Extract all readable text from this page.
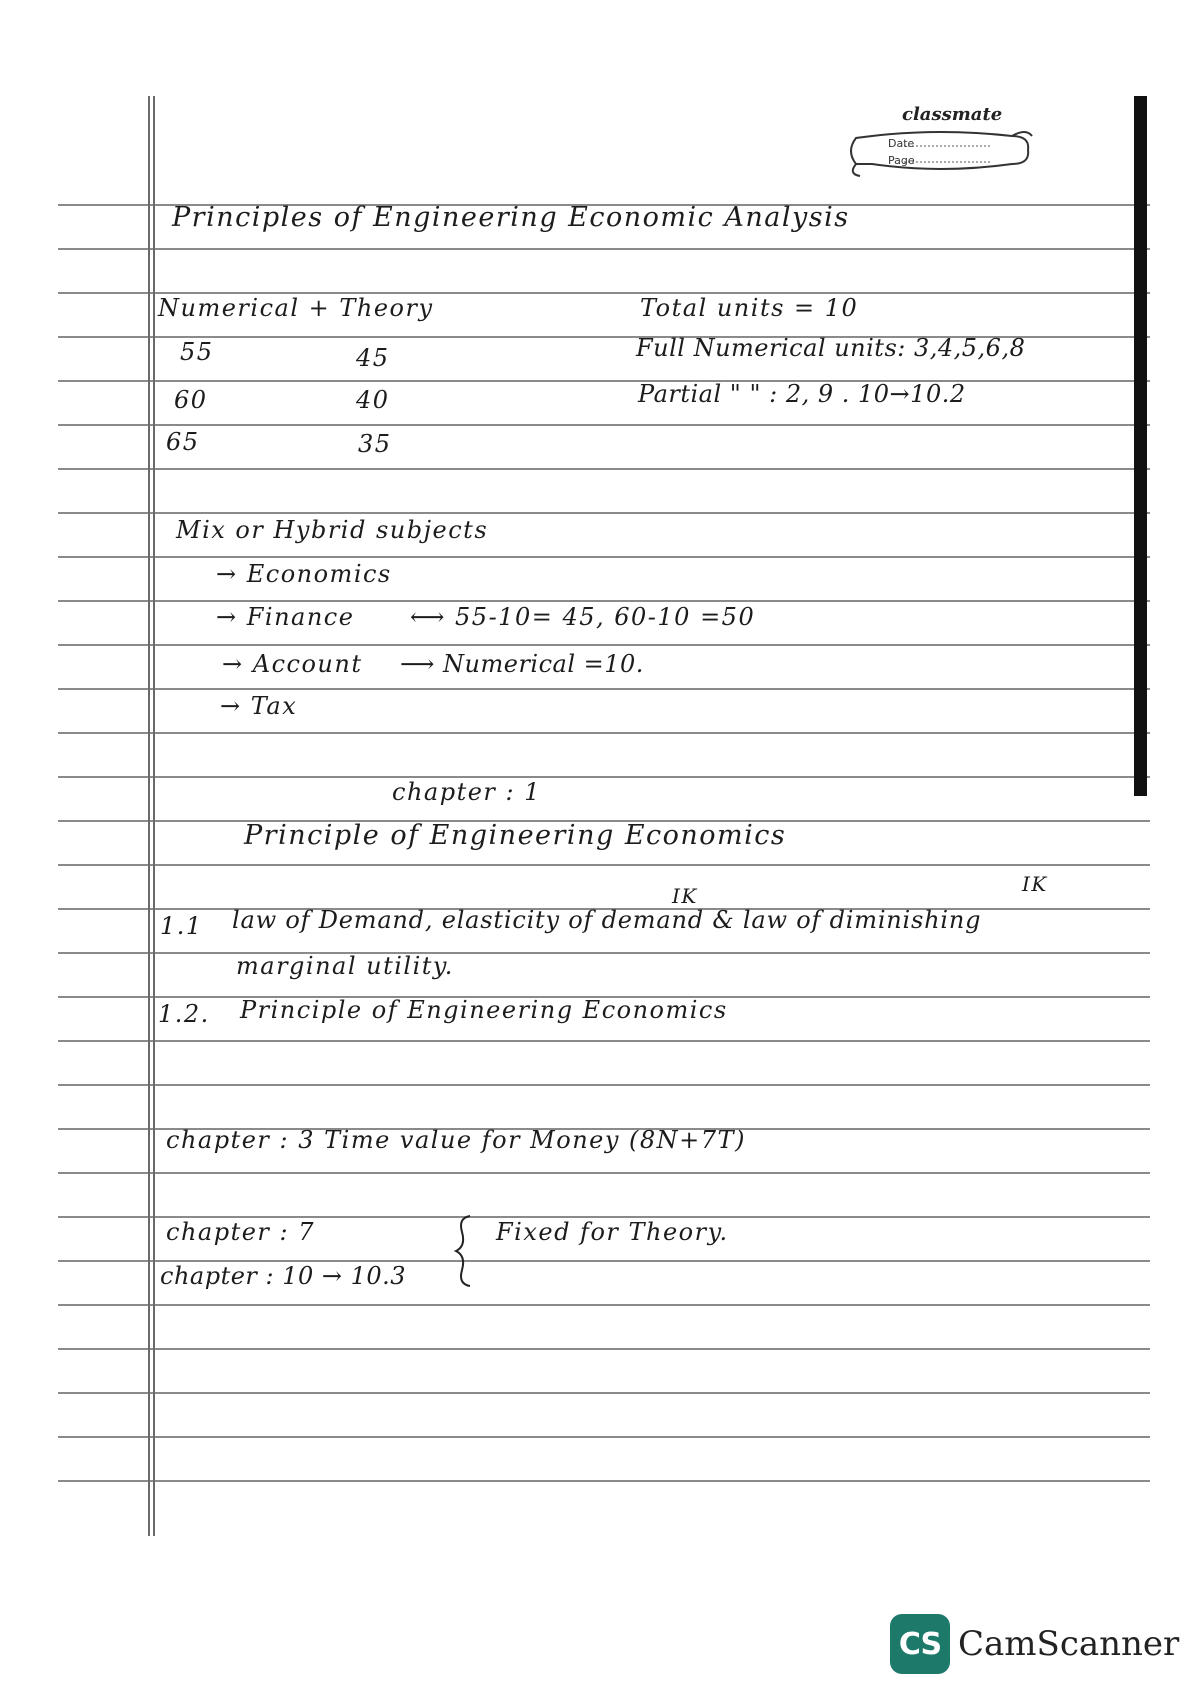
classmate
Date
Page
Principles of Engineering Economic Analysis
Numerical + Theory	Total units = 10
55	45
60	40
65	35
Full Numerical units: 3,4,5,6,8
Partial " " : 2, 9 . 10→10.2
Mix or Hybrid subjects
→ Economics
→ Finance ⟷ 55-10= 45, 60-10 =50
→ Account ⟶ Numerical =10.
→ Tax
chapter : 1
Principle of Engineering Economics
IK	IK
1.1 law of Demand, elasticity of demand & law of diminishing
marginal utility.
1.2. Principle of Engineering Economics
chapter : 3 Time value for Money (8N+7T)
chapter : 7
chapter : 10 → 10.3
Fixed for Theory.
CS CamScanner
